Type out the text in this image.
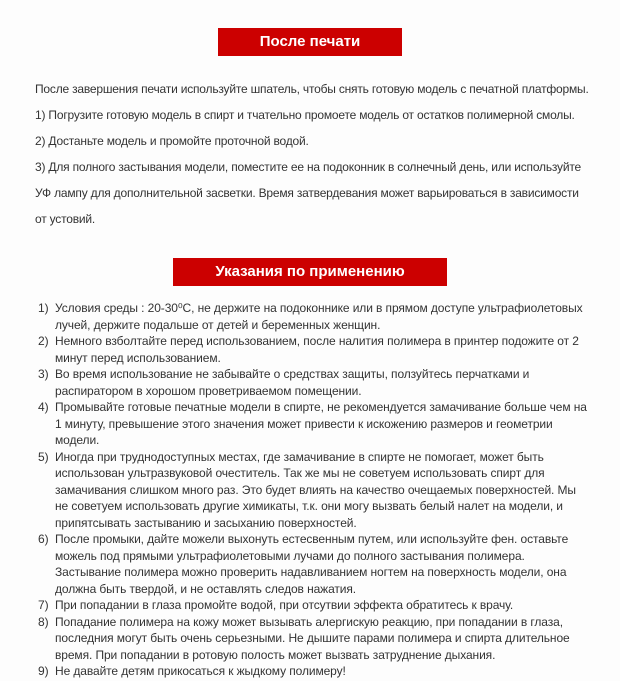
После печати

После завершения печати используйте шпатель, чтобы снять готовую модель с печатной платформы.

1) Погрузите готовую модель в спирт и тчательно промоете модель от остатков полимерной смолы.

2) Достаньте модель и промойте проточной водой.

3) Для полного застывания модели, поместите ее на подоконник в солнечный день, или используйте УФ лампу для дополнительной засветки. Время затвердевания может варьироваться в зависимости от устовий.

Указания по применению
1) Условия среды : 20-30⁰С, не держите на подоконнике или в прямом доступе ультрафиолетовых лучей, держите подальше от детей и беременных женщин.
2) Немного взболтайте перед использованием, после налития полимера в принтер подожите от 2 минут перед использованием.
3) Во время использование не забывайте о средствах защиты, ползуйтесь перчатками и распиратором в хорошом проветриваемом помещении.
4) Промывайте готовые печатные модели в спирте, не рекомендуется замачивание больше чем на 1 минуту, превышение этого значения может привести к искожению размеров и геометрии модели.
5) Иногда при труднодоступных местах, где замачивание в спирте не помогает, может быть использован ультразвуковой очеститель. Так же мы не советуем использовать спирт для замачивания слишком много раз. Это будет влиять на качество очещаемых поверхностей. Мы не советуем использовать другие химикаты, т.к. они могу вызвать белый налет на модели, и припятсывать застыванию и засыханию поверхностей.
6) После промыки, дайте можели выхонуть естесвенным путем, или используйте фен. оставьте можель под прямыми ультрафиолетовыми лучами до полного застывания полимера. Застывание полимера можно проверить надавливанием ногтем на поверхность модели, она должна быть твердой, и не оставлять следов нажатия.
7) При попадании в глаза промойте водой, при отсутвии эффекта обратитесь к врачу.
8) Попадание полимера на кожу может вызывать алергискую реакцию, при попадании в глаза, последния могут быть очень серьезными. Не дышите парами полимера и спирта длительное время. При попадании в ротовую полость может вызвать затруднение дыхания.
9) Не давайте детям прикосаться к жыдкому полимеру!
